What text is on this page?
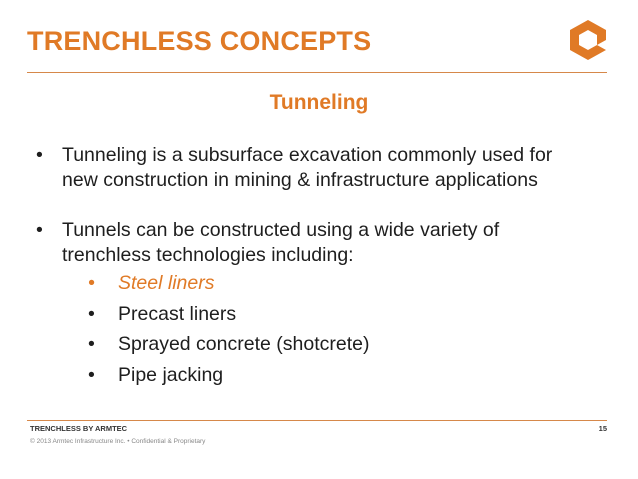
TRENCHLESS CONCEPTS
Tunneling
• Tunneling is a subsurface excavation commonly used for
new construction in mining & infrastructure applications
• Tunnels can be constructed using a wide variety of
trenchless technologies including:
• Steel liners
• Precast liners
• Sprayed concrete (shotcrete)
• Pipe jacking
TRENCHLESS BY ARMTEC	15
© 2013 Armtec Infrastructure Inc. • Confidential & Proprietary
